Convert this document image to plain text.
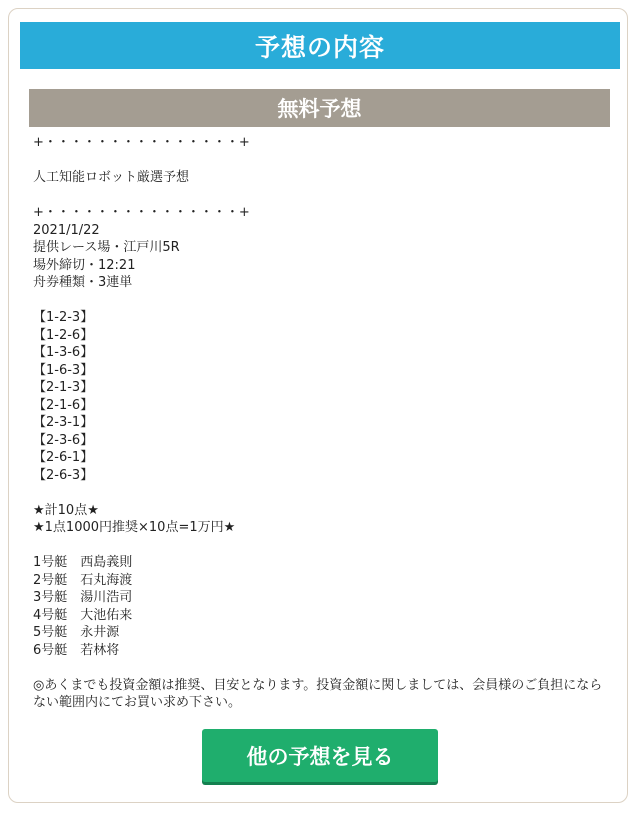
予想の内容
無料予想
+・・・・・・・・・・・・・・・+
人工知能ロボット厳選予想
+・・・・・・・・・・・・・・・+
2021/1/22
提供レース場・江戸川5R
場外締切・12:21
舟券種類・3連単
【1-2-3】
【1-2-6】
【1-3-6】
【1-6-3】
【2-1-3】
【2-1-6】
【2-3-1】
【2-3-6】
【2-6-1】
【2-6-3】
★計10点★
★1点1000円推奨×10点=1万円★
1号艇　西島義則
2号艇　石丸海渡
3号艇　湯川浩司
4号艇　大池佑来
5号艇　永井源
6号艇　若林将
◎あくまでも投資金額は推奨、目安となります。投資金額に関しましては、会員様のご負担にならない範囲内にてお買い求め下さい。
他の予想を見る
